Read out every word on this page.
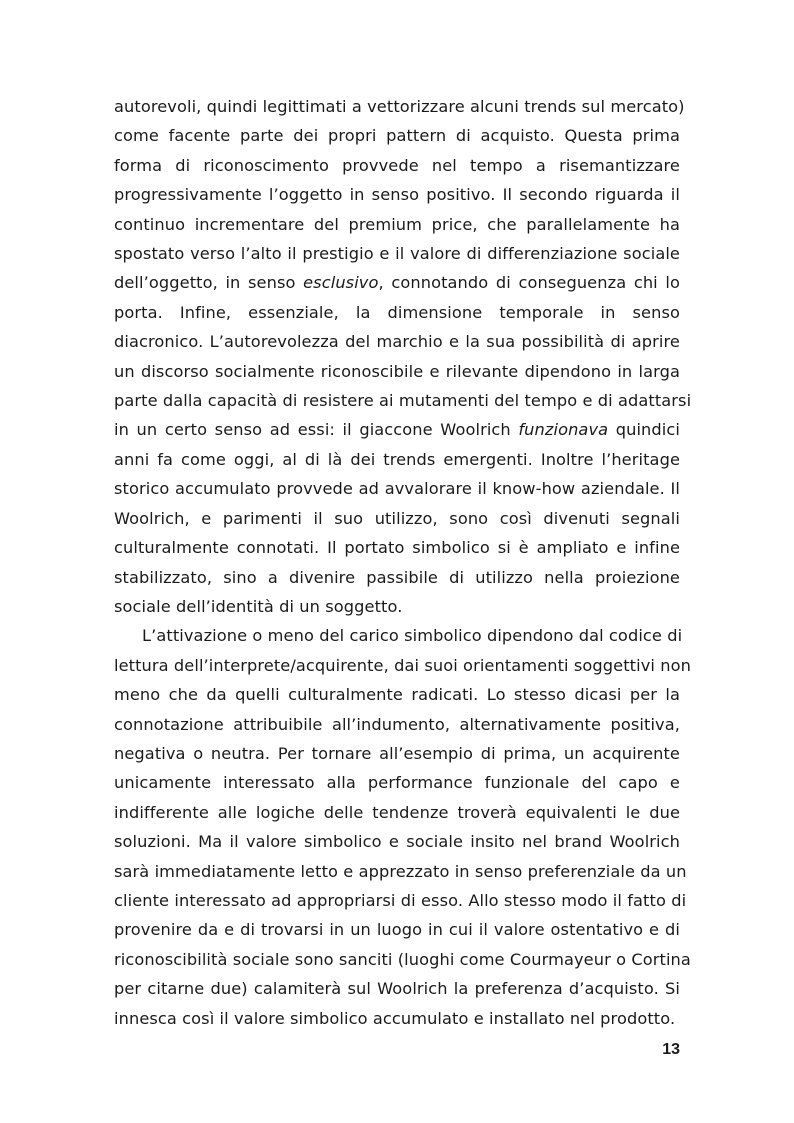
autorevoli, quindi legittimati a vettorizzare alcuni trends sul mercato)
come facente parte dei propri pattern di acquisto. Questa prima
forma di riconoscimento provvede nel tempo a risemantizzare
progressivamente l’oggetto in senso positivo. Il secondo riguarda il
continuo incrementare del premium price, che parallelamente ha
spostato verso l’alto il prestigio e il valore di differenziazione sociale
dell’oggetto, in senso esclusivo, connotando di conseguenza chi lo
porta. Infine, essenziale, la dimensione temporale in senso
diacronico. L’autorevolezza del marchio e la sua possibilità di aprire
un discorso socialmente riconoscibile e rilevante dipendono in larga
parte dalla capacità di resistere ai mutamenti del tempo e di adattarsi
in un certo senso ad essi: il giaccone Woolrich funzionava quindici
anni fa come oggi, al di là dei trends emergenti. Inoltre l’heritage
storico accumulato provvede ad avvalorare il know-how aziendale. Il
Woolrich, e parimenti il suo utilizzo, sono così divenuti segnali
culturalmente connotati. Il portato simbolico si è ampliato e infine
stabilizzato, sino a divenire passibile di utilizzo nella proiezione
sociale dell’identità di un soggetto.

L’attivazione o meno del carico simbolico dipendono dal codice di
lettura dell’interprete/acquirente, dai suoi orientamenti soggettivi non
meno che da quelli culturalmente radicati. Lo stesso dicasi per la
connotazione attribuibile all’indumento, alternativamente positiva,
negativa o neutra. Per tornare all’esempio di prima, un acquirente
unicamente interessato alla performance funzionale del capo e
indifferente alle logiche delle tendenze troverà equivalenti le due
soluzioni. Ma il valore simbolico e sociale insito nel brand Woolrich
sarà immediatamente letto e apprezzato in senso preferenziale da un
cliente interessato ad appropriarsi di esso. Allo stesso modo il fatto di
provenire da e di trovarsi in un luogo in cui il valore ostentativo e di
riconoscibilità sociale sono sanciti (luoghi come Courmayeur o Cortina
per citarne due) calamiterà sul Woolrich la preferenza d’acquisto. Si
innesca così il valore simbolico accumulato e installato nel prodotto.

13
